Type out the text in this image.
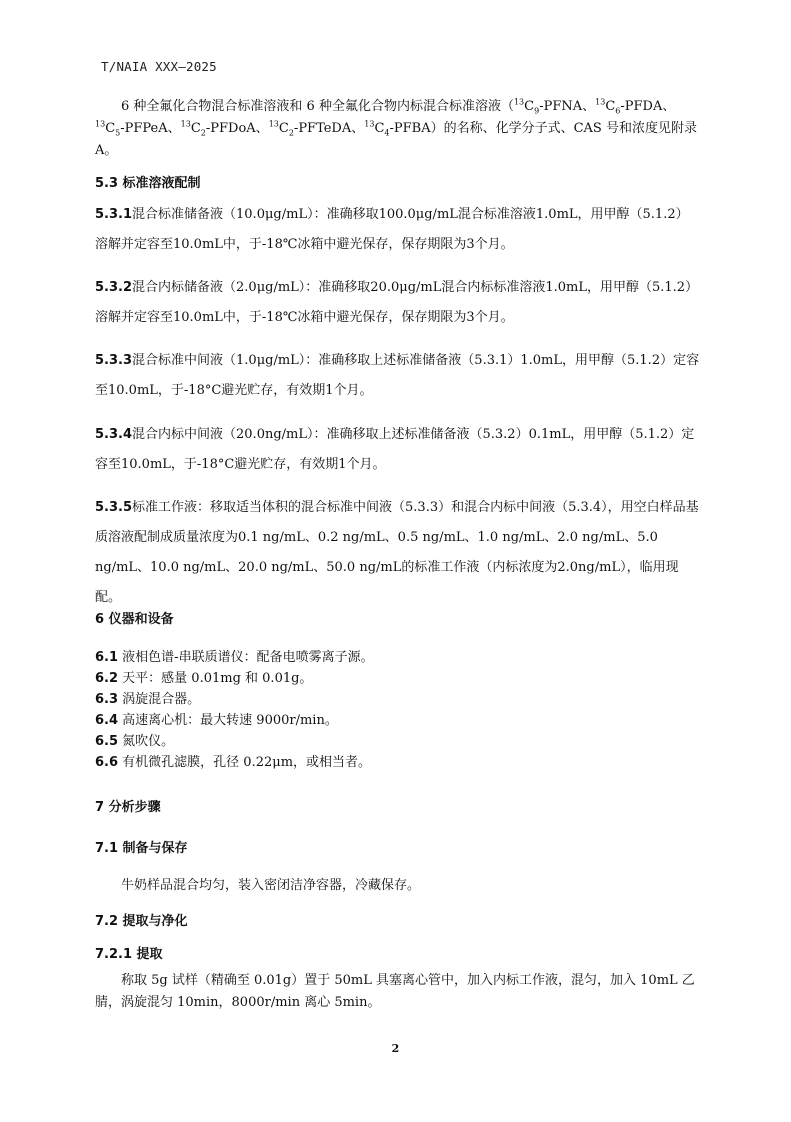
T/NAIA XXX—2025
6 种全氟化合物混合标准溶液和 6 种全氟化合物内标混合标准溶液（$^{13}C_9$-PFNA、$^{13}C_6$-PFDA、$^{13}C_5$-PFPeA、$^{13}C_2$-PFDoA、$^{13}C_2$-PFTeDA、$^{13}C_4-PFBA$）的名称、化学分子式、CAS 号和浓度见附录 A。
5.3 标准溶液配制
5.3.1混合标准储备液（10.0μg/mL）：准确移取100.0μg/mL混合标准溶液1.0mL，用甲醇（5.1.2）溶解并定容至10.0mL中，于-18℃冰箱中避光保存，保存期限为3个月。
5.3.2混合内标储备液（2.0μg/mL）：准确移取20.0μg/mL混合内标标准溶液1.0mL，用甲醇（5.1.2）溶解并定容至10.0mL中，于-18℃冰箱中避光保存，保存期限为3个月。
5.3.3混合标准中间液（1.0μg/mL）：准确移取上述标准储备液（5.3.1）1.0mL，用甲醇（5.1.2）定容至10.0mL，于-18°C避光贮存，有效期1个月。
5.3.4混合内标中间液（20.0ng/mL）：准确移取上述标准储备液（5.3.2）0.1mL，用甲醇（5.1.2）定容至10.0mL，于-18°C避光贮存，有效期1个月。
5.3.5标准工作液：移取适当体积的混合标准中间液（5.3.3）和混合内标中间液（5.3.4），用空白样品基质溶液配制成质量浓度为0.1 ng/mL、0.2 ng/mL、0.5 ng/mL、1.0 ng/mL、2.0 ng/mL、5.0 ng/mL、10.0 ng/mL、20.0 ng/mL、50.0 ng/mL的标准工作液（内标浓度为2.0ng/mL），临用现配。
6 仪器和设备
6.1 液相色谱-串联质谱仪：配备电喷雾离子源。
6.2 天平：感量 0.01mg 和 0.01g。
6.3 涡旋混合器。
6.4 高速离心机：最大转速 9000r/min。
6.5 氮吹仪。
6.6 有机微孔滤膜，孔径 0.22μm，或相当者。
7 分析步骤
7.1 制备与保存
牛奶样品混合均匀，装入密闭洁净容器，冷藏保存。
7.2 提取与净化
7.2.1 提取
称取 5g 试样（精确至 0.01g）置于 50mL 具塞离心管中，加入内标工作液，混匀，加入 10mL 乙腈，涡旋混匀 10min，8000r/min 离心 5min。
2
